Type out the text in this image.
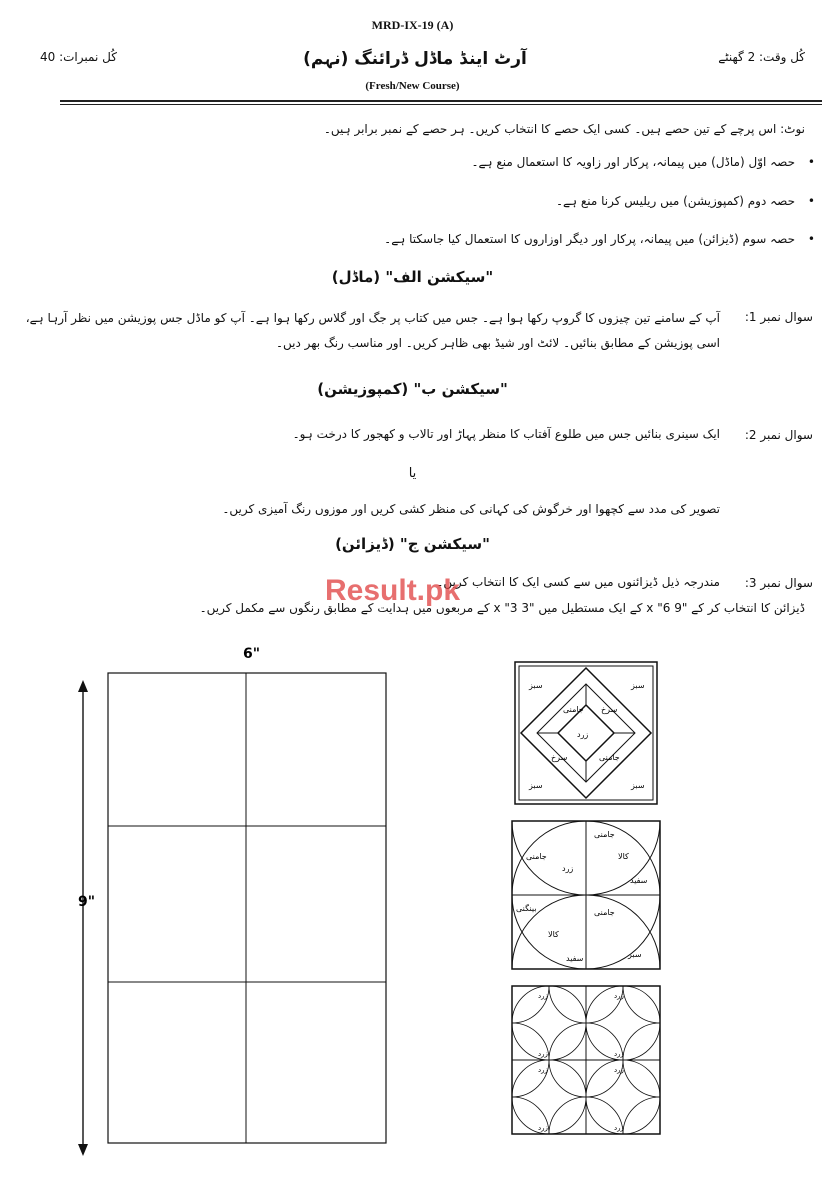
MRD-IX-19 (A)
آرٹ اینڈ ماڈل ڈرائنگ (نہم)	کُل وقت: 2 گھنٹے
کُل نمبرات: 40
(Fresh/New Course)
نوٹ: اس پرچے کے تین حصے ہیں۔ کسی ایک حصے کا انتخاب کریں۔ ہر حصے کے نمبر برابر ہیں۔
• حصہ اوّل (ماڈل) میں پیمانہ، پرکار اور زاویہ کا استعمال منع ہے۔
• حصہ دوم (کمپوزیشن) میں ریلیس کرنا منع ہے۔
• حصہ سوم (ڈیزائن) میں پیمانہ، پرکار اور دیگر اوزاروں کا استعمال کیا جاسکتا ہے۔
"سیکشن الف" (ماڈل)
سوال نمبر 1:
آپ کے سامنے تین چیزوں کا گروپ رکھا ہوا ہے۔ جس میں کتاب پر جگ اور گلاس رکھا ہوا ہے۔ آپ کو ماڈل جس پوزیشن میں نظر آرہا ہے، اسی پوزیشن کے مطابق بنائیں۔ لائٹ اور شیڈ بھی ظاہر کریں۔ اور مناسب رنگ بھر دیں۔
"سیکشن ب" (کمپوزیشن)
سوال نمبر 2:
ایک سینری بنائیں جس میں طلوع آفتاب کا منظر پہاڑ اور تالاب و کھجور کا درخت ہو۔
یا
تصویر کی مدد سے کچھوا اور خرگوش کی کہانی کی منظر کشی کریں اور موزوں رنگ آمیزی کریں۔
"سیکشن ج" (ڈیزائن)
سوال نمبر 3:
مندرجہ ذیل ڈیزائنوں میں سے کسی ایک کا انتخاب کریں۔
ڈیزائن کا انتخاب کر کے "9 x "6 کے ایک مستطیل میں "3 x "3 کے مربعوں میں ہدایت کے مطابق رنگوں سے مکمل کریں۔
Result.pk
6"
9"
سبز	سبز
سبز	سبز
سرخ
سرخ
جامنی
جامنی
زرد
جامنی
کالا
سفید
زرد
جامنی
بینگنی
کالا
جامنی
سفید	سبز
زرد	زرد
زرد	زرد
زرد	زرد
زرد	زرد
